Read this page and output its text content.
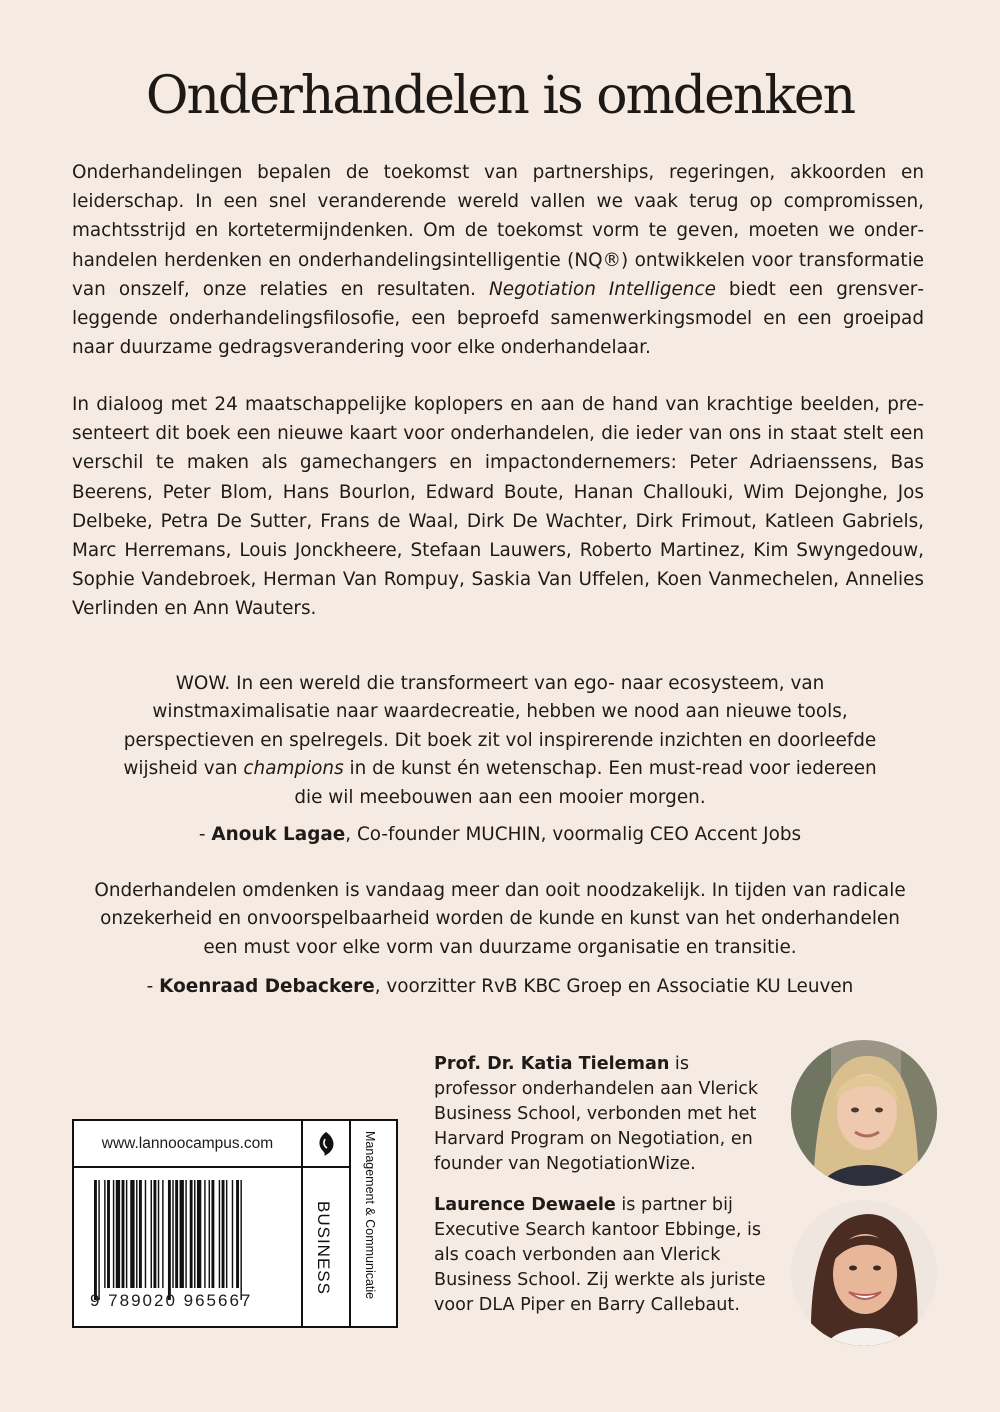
Onderhandelen is omdenken

Onderhandelingen bepalen de toekomst van partnerships, regeringen, akkoorden en leiderschap. In een snel veranderende wereld vallen we vaak terug op compromissen, machtsstrijd en kortetermijndenken. Om de toekomst vorm te geven, moeten we onderhandelen herdenken en onderhandelingsintelligentie (NQ®) ontwikkelen voor transformatie van onszelf, onze relaties en resultaten. Negotiation Intelligence biedt een grensverleggende onderhandelingsfilosofie, een beproefd samenwerkingsmodel en een groeipad naar duurzame gedragsverandering voor elke onderhandelaar.

In dialoog met 24 maatschappelijke koplopers en aan de hand van krachtige beelden, presenteert dit boek een nieuwe kaart voor onderhandelen, die ieder van ons in staat stelt een verschil te maken als gamechangers en impactondernemers: Peter Adriaenssens, Bas Beerens, Peter Blom, Hans Bourlon, Edward Boute, Hanan Challouki, Wim Dejonghe, Jos Delbeke, Petra De Sutter, Frans de Waal, Dirk De Wachter, Dirk Frimout, Katleen Gabriels, Marc Herremans, Louis Jonckheere, Stefaan Lauwers, Roberto Martinez, Kim Swyngedouw, Sophie Vandebroek, Herman Van Rompuy, Saskia Van Uffelen, Koen Vanmechelen, Annelies Verlinden en Ann Wauters.

WOW. In een wereld die transformeert van ego- naar ecosysteem, van
winstmaximalisatie naar waardecreatie, hebben we nood aan nieuwe tools,
perspectieven en spelregels. Dit boek zit vol inspirerende inzichten en doorleefde
wijsheid van champions in de kunst én wetenschap. Een must-read voor iedereen
die wil meebouwen aan een mooier morgen.
- Anouk Lagae, Co-founder MUCHIN, voormalig CEO Accent Jobs
Onderhandelen omdenken is vandaag meer dan ooit noodzakelijk. In tijden van radicale
onzekerheid en onvoorspelbaarheid worden de kunde en kunst van het onderhandelen
een must voor elke vorm van duurzame organisatie en transitie.
- Koenraad Debackere, voorzitter RvB KBC Groep en Associatie KU Leuven

Prof. Dr. Katia Tieleman is professor onderhandelen aan Vlerick Business School, verbonden met het Harvard Program on Negotiation, en founder van NegotiationWize.

Laurence Dewaele is partner bij Executive Search kantoor Ebbinge, is als coach verbonden aan Vlerick Business School. Zij werkte als juriste voor DLA Piper en Barry Callebaut.

www.lannoocampus.com
9 789020 965667
BUSINESS Management & Communicatie
